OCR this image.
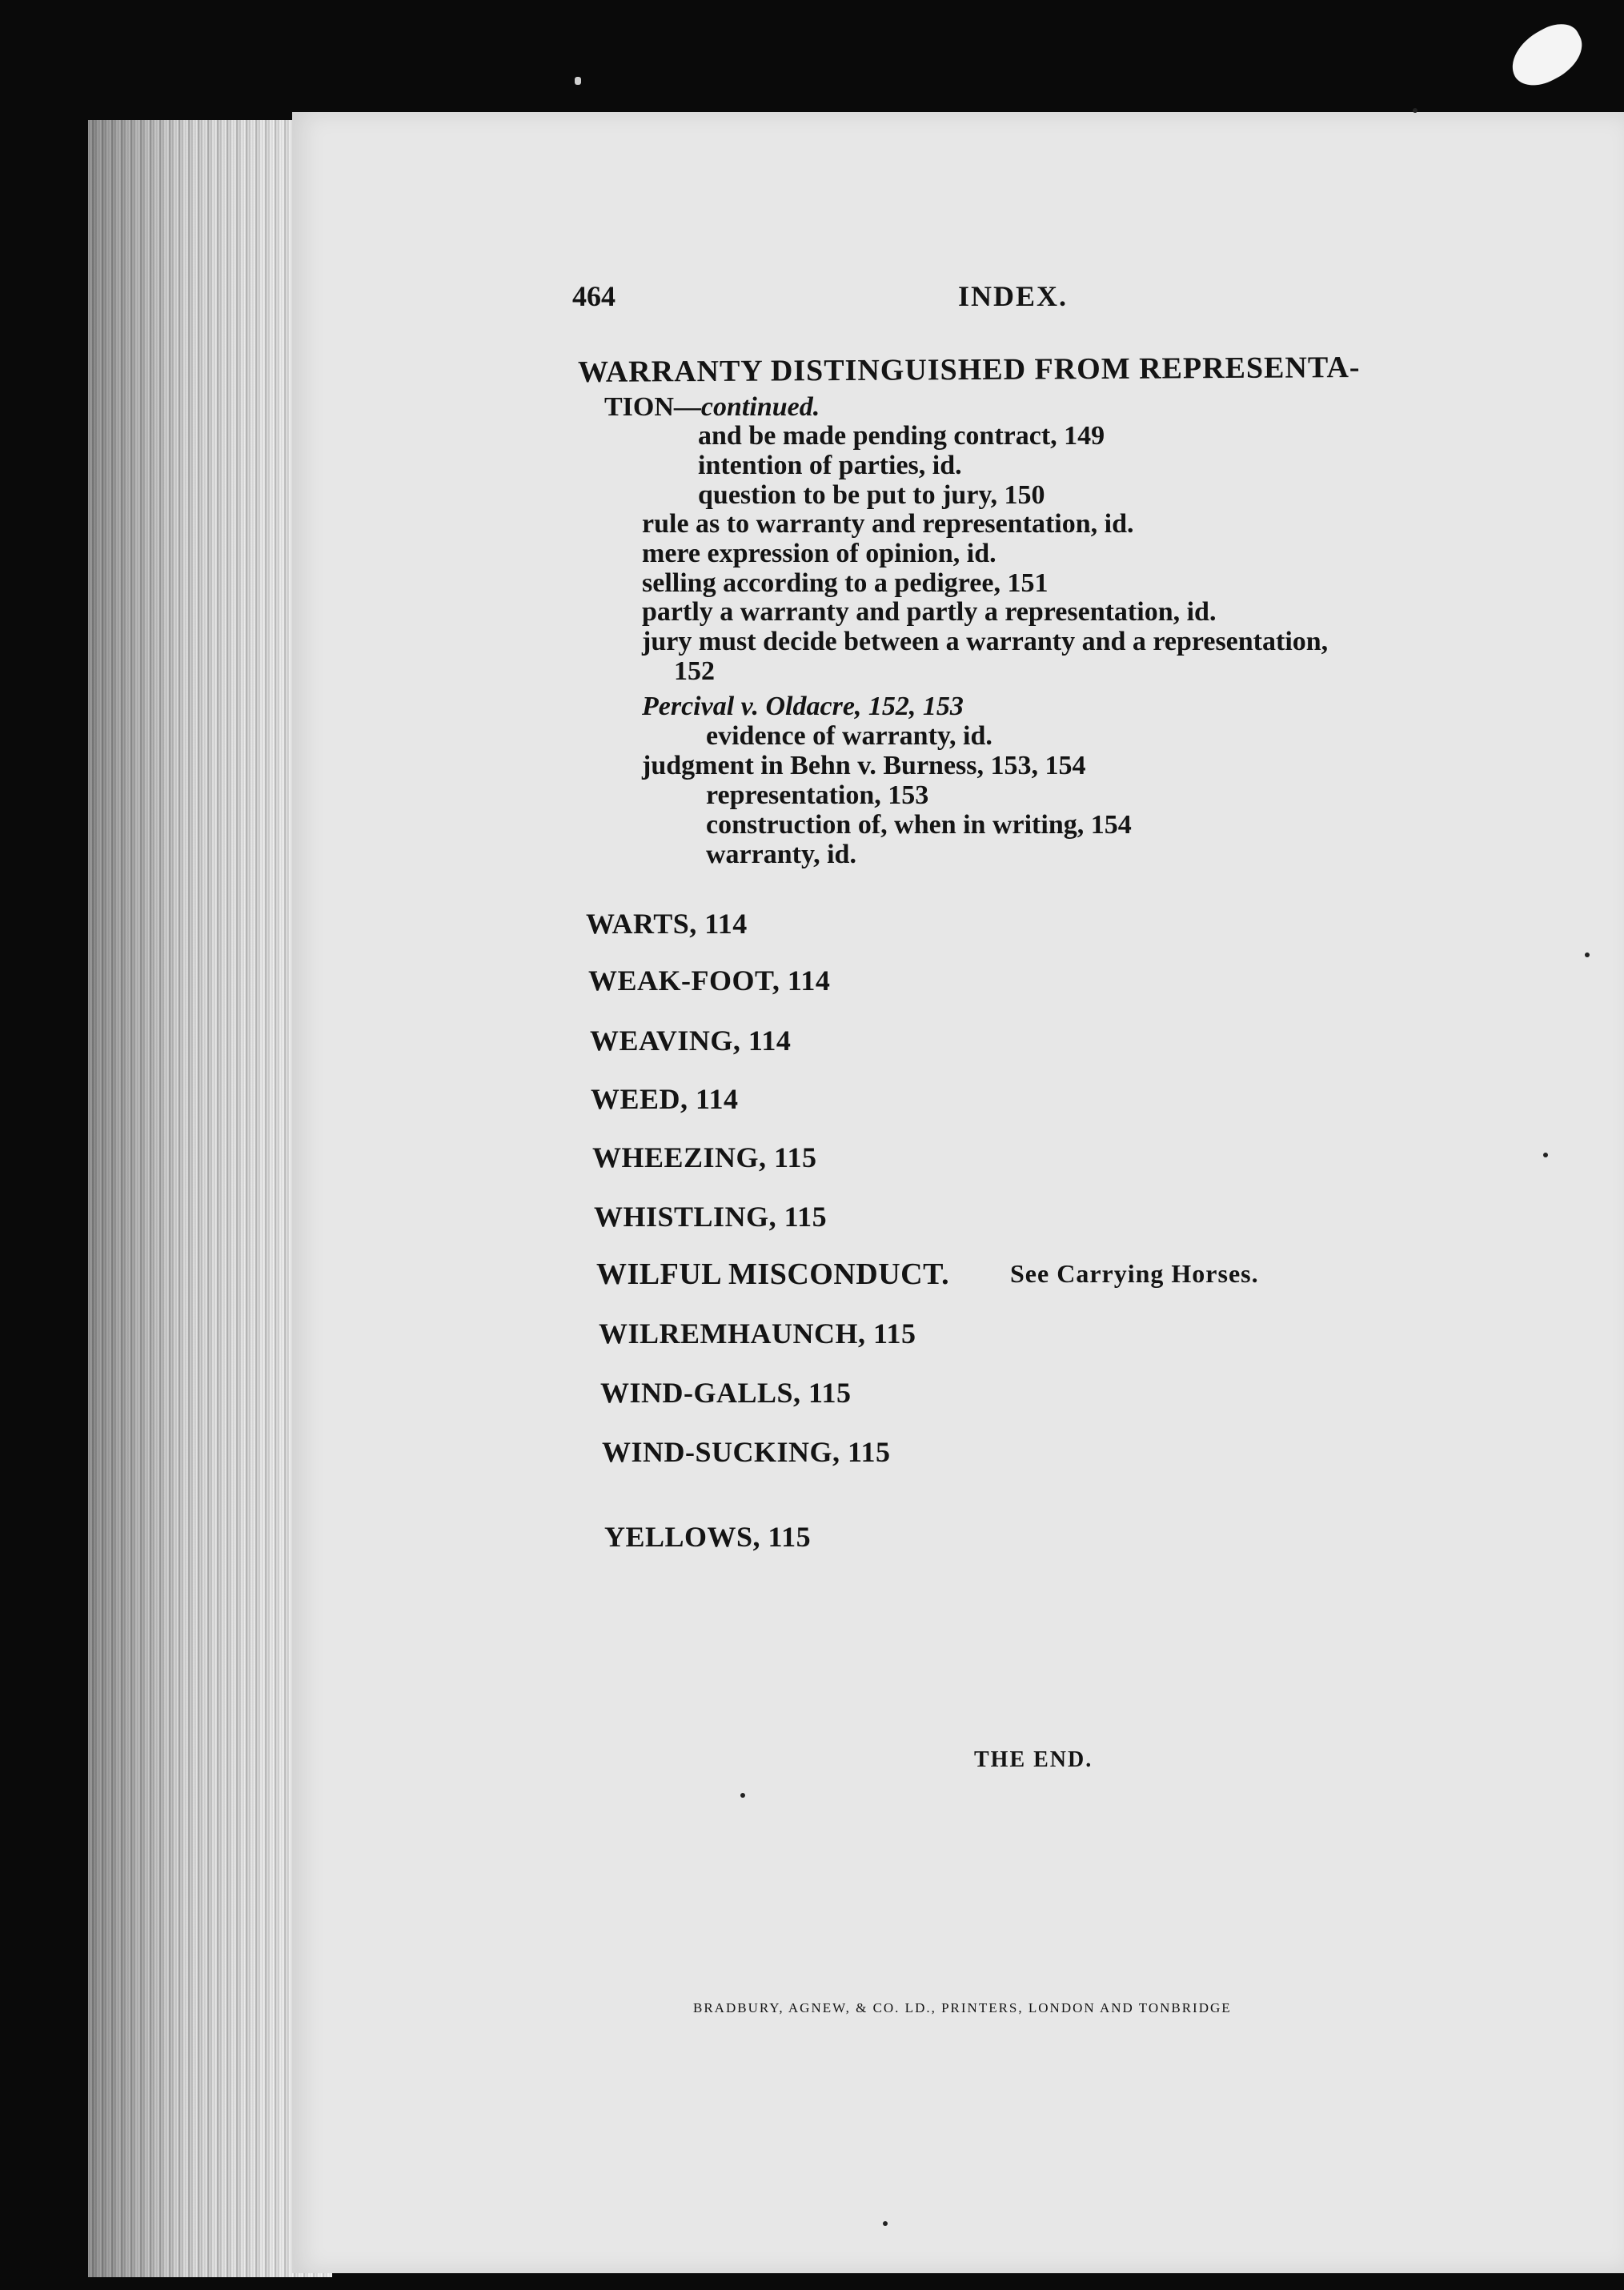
464	INDEX.
WARRANTY DISTINGUISHED FROM REPRESENTA-
TION—continued.
and be made pending contract, 149
intention of parties, id.
question to be put to jury, 150
rule as to warranty and representation, id.
mere expression of opinion, id.
selling according to a pedigree, 151
partly a warranty and partly a representation, id.
jury must decide between a warranty and a representation,
152
Percival v. Oldacre, 152, 153
evidence of warranty, id.
judgment in Behn v. Burness, 153, 154
representation, 153
construction of, when in writing, 154
warranty, id.
WARTS, 114
WEAK-FOOT, 114
WEAVING, 114
WEED, 114
WHEEZING, 115
WHISTLING, 115
WILFUL MISCONDUCT. See Carrying Horses.
WILREMHAUNCH, 115
WIND-GALLS, 115
WIND-SUCKING, 115
YELLOWS, 115
THE END.
BRADBURY, AGNEW, & CO. LD., PRINTERS, LONDON AND TONBRIDGE
